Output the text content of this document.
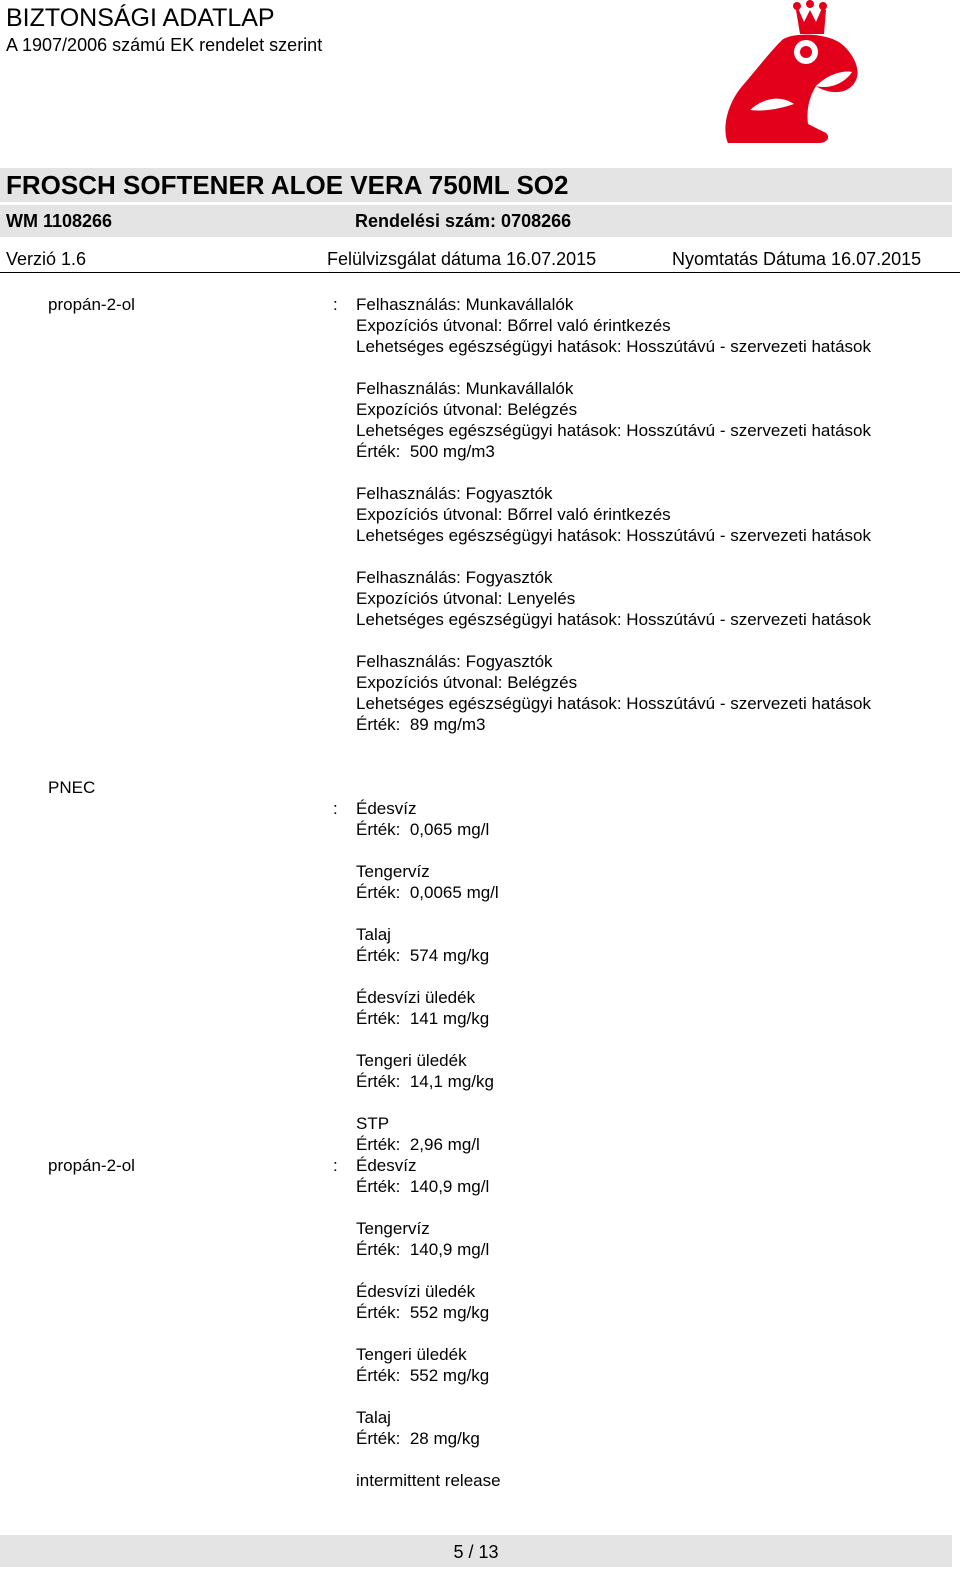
BIZTONSÁGI ADATLAP
A 1907/2006 számú EK rendelet szerint
FROSCH SOFTENER ALOE VERA 750ML SO2
WM 1108266	Rendelési szám: 0708266
Verzió 1.6	Felülvizsgálat dátuma 16.07.2015	Nyomtatás Dátuma 16.07.2015
propán-2-ol	: Felhasználás: Munkavállalók
Expozíciós útvonal: Bőrrel való érintkezés
Lehetséges egészségügyi hatások: Hosszútávú - szervezeti hatások
Felhasználás: Munkavállalók
Expozíciós útvonal: Belégzés
Lehetséges egészségügyi hatások: Hosszútávú - szervezeti hatások
Érték:  500 mg/m3
Felhasználás: Fogyasztók
Expozíciós útvonal: Bőrrel való érintkezés
Lehetséges egészségügyi hatások: Hosszútávú - szervezeti hatások
Felhasználás: Fogyasztók
Expozíciós útvonal: Lenyelés
Lehetséges egészségügyi hatások: Hosszútávú - szervezeti hatások
Felhasználás: Fogyasztók
Expozíciós útvonal: Belégzés
Lehetséges egészségügyi hatások: Hosszútávú - szervezeti hatások
Érték:  89 mg/m3
PNEC
: Édesvíz
Érték:  0,065 mg/l
Tengervíz
Érték:  0,0065 mg/l
Talaj
Érték:  574 mg/kg
Édesvízi üledék
Érték:  141 mg/kg
Tengeri üledék
Érték:  14,1 mg/kg
STP
Érték:  2,96 mg/l
propán-2-ol	: Édesvíz
Érték:  140,9 mg/l
Tengervíz
Érték:  140,9 mg/l
Édesvízi üledék
Érték:  552 mg/kg
Tengeri üledék
Érték:  552 mg/kg
Talaj
Érték:  28 mg/kg
intermittent release
5 / 13
